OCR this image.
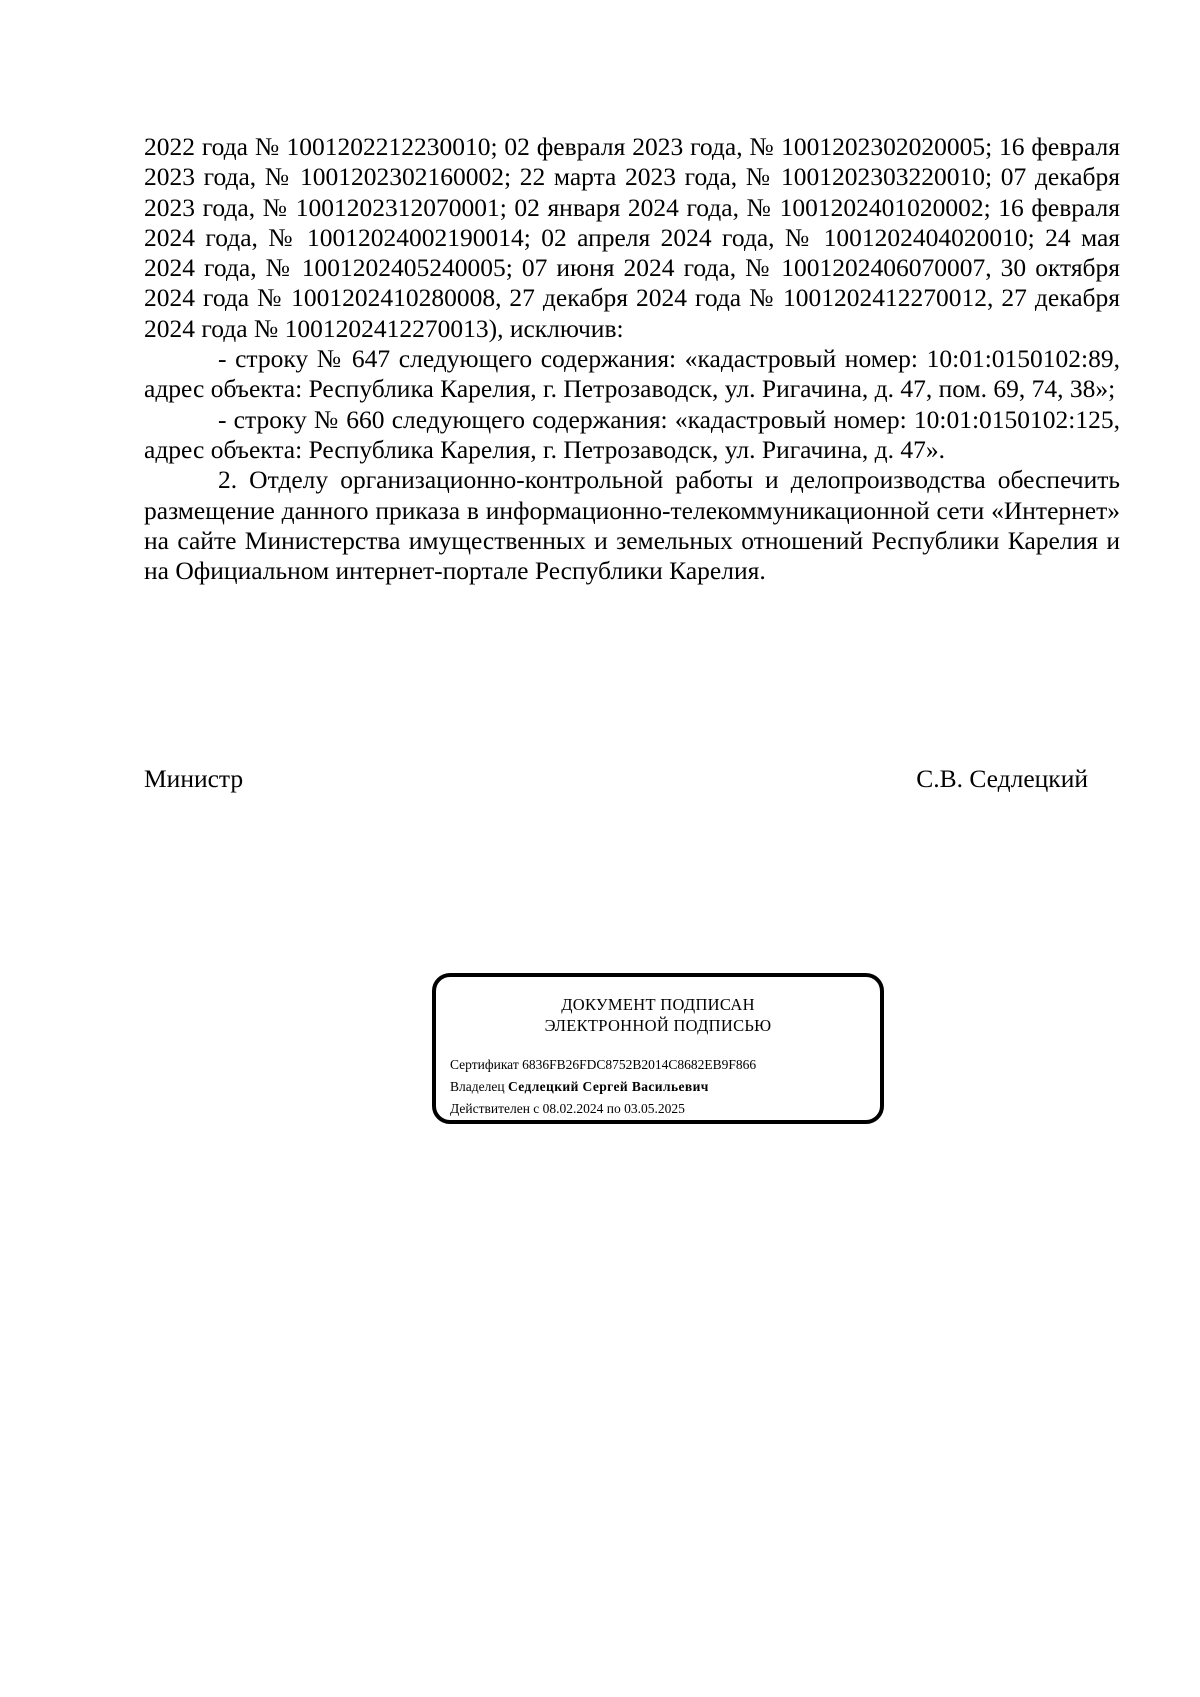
2022 года № 1001202212230010; 02 февраля 2023 года, № 1001202302020005; 16 февраля 2023 года, № 1001202302160002; 22 марта 2023 года, № 1001202303220010; 07 декабря 2023 года, № 1001202312070001; 02 января 2024 года, № 1001202401020002; 16 февраля 2024 года, № 10012024002190014; 02 апреля 2024 года, № 1001202404020010; 24 мая 2024 года, № 1001202405240005; 07 июня 2024 года, № 1001202406070007, 30 октября 2024 года № 1001202410280008, 27 декабря 2024 года № 1001202412270012, 27 декабря 2024 года № 1001202412270013), исключив:

- строку № 647 следующего содержания: «кадастровый номер: 10:01:0150102:89, адрес объекта: Республика Карелия, г. Петрозаводск, ул. Ригачина, д. 47, пом. 69, 74, 38»;

- строку № 660 следующего содержания: «кадастровый номер: 10:01:0150102:125, адрес объекта: Республика Карелия, г. Петрозаводск, ул. Ригачина, д. 47».

2. Отделу организационно-контрольной работы и делопроизводства обеспечить размещение данного приказа в информационно-телекоммуникационной сети «Интернет» на сайте Министерства имущественных и земельных отношений Республики Карелия и на Официальном интернет-портале Республики Карелия.

Министр	С.В. Седлецкий
ДОКУМЕНТ ПОДПИСАН
ЭЛЕКТРОННОЙ ПОДПИСЬЮ
Сертификат 6836FB26FDC8752B2014C8682EB9F866
Владелец Седлецкий Сергей Васильевич
Действителен с 08.02.2024 по 03.05.2025
